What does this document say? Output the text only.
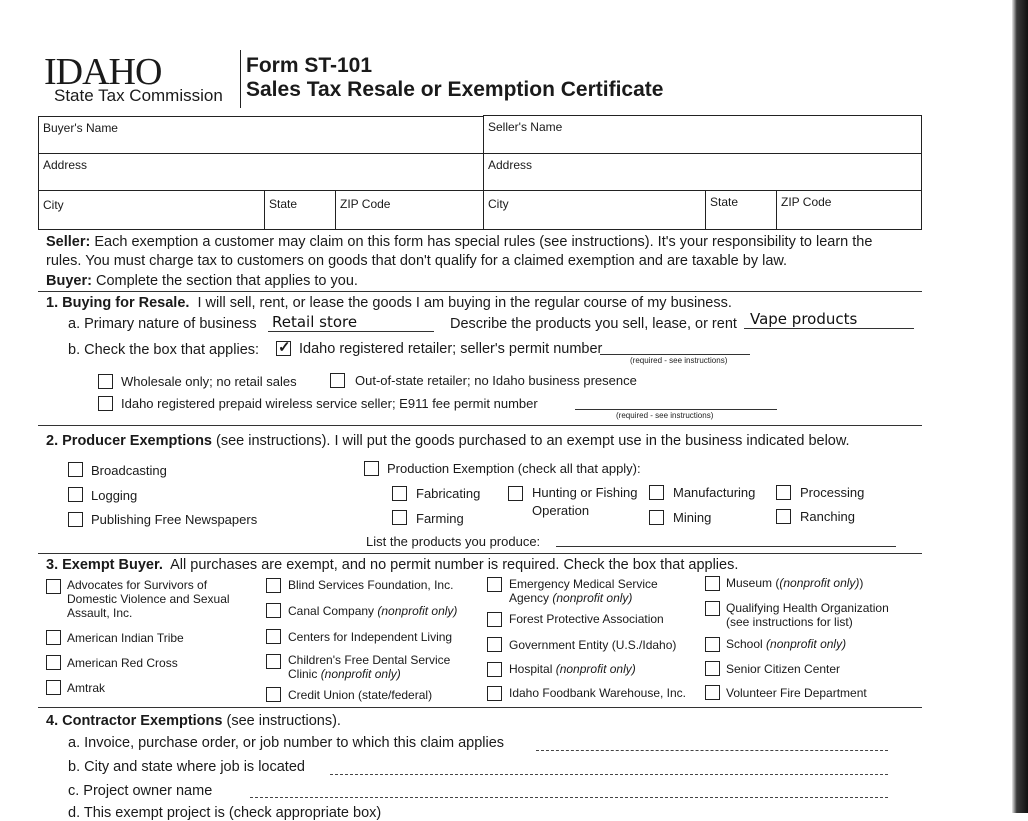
IDAHO
State Tax Commission
Form ST-101
Sales Tax Resale or Exemption Certificate
Buyer's Name	Seller's Name
Address	Address
City	State	ZIP Code	City	State	ZIP Code
Seller: Each exemption a customer may claim on this form has special rules (see instructions). It's your responsibility to learn the
rules. You must charge tax to customers on goods that don't qualify for a claimed exemption and are taxable by law.
Buyer: Complete the section that applies to you.
1. Buying for Resale. I will sell, rent, or lease the goods I am buying in the regular course of my business.
a. Primary nature of business Retail store	Describe the products you sell, lease, or rent Vape products
b. Check the box that applies:
✓	Idaho registered retailer; seller's permit number
(required - see instructions)
Wholesale only; no retail sales	Out-of-state retailer; no Idaho business presence
Idaho registered prepaid wireless service seller; E911 fee permit number
(required - see instructions)
2. Producer Exemptions (see instructions). I will put the goods purchased to an exempt use in the business indicated below.
Broadcasting
Logging
Publishing Free Newspapers
Production Exemption (check all that apply):
Fabricating	Hunting or Fishing
Operation
Manufacturing	Processing
Farming	Mining	Ranching
List the products you produce:
3. Exempt Buyer. All purchases are exempt, and no permit number is required. Check the box that applies.
Advocates for Survivors of
Domestic Violence and Sexual
Assault, Inc.
American Indian Tribe
American Red Cross
Amtrak
Blind Services Foundation, Inc.
Canal Company (nonprofit only)
Centers for Independent Living
Children's Free Dental Service
Clinic (nonprofit only)
Credit Union (state/federal)
Emergency Medical Service
Agency (nonprofit only)
Forest Protective Association
Government Entity (U.S./Idaho)
Hospital (nonprofit only)
Idaho Foodbank Warehouse, Inc.
Museum ((nonprofit only))
Qualifying Health Organization
(see instructions for list)
School (nonprofit only)
Senior Citizen Center
Volunteer Fire Department
4. Contractor Exemptions (see instructions).
a. Invoice, purchase order, or job number to which this claim applies
b. City and state where job is located
c. Project owner name
d. This exempt project is (check appropriate box)
